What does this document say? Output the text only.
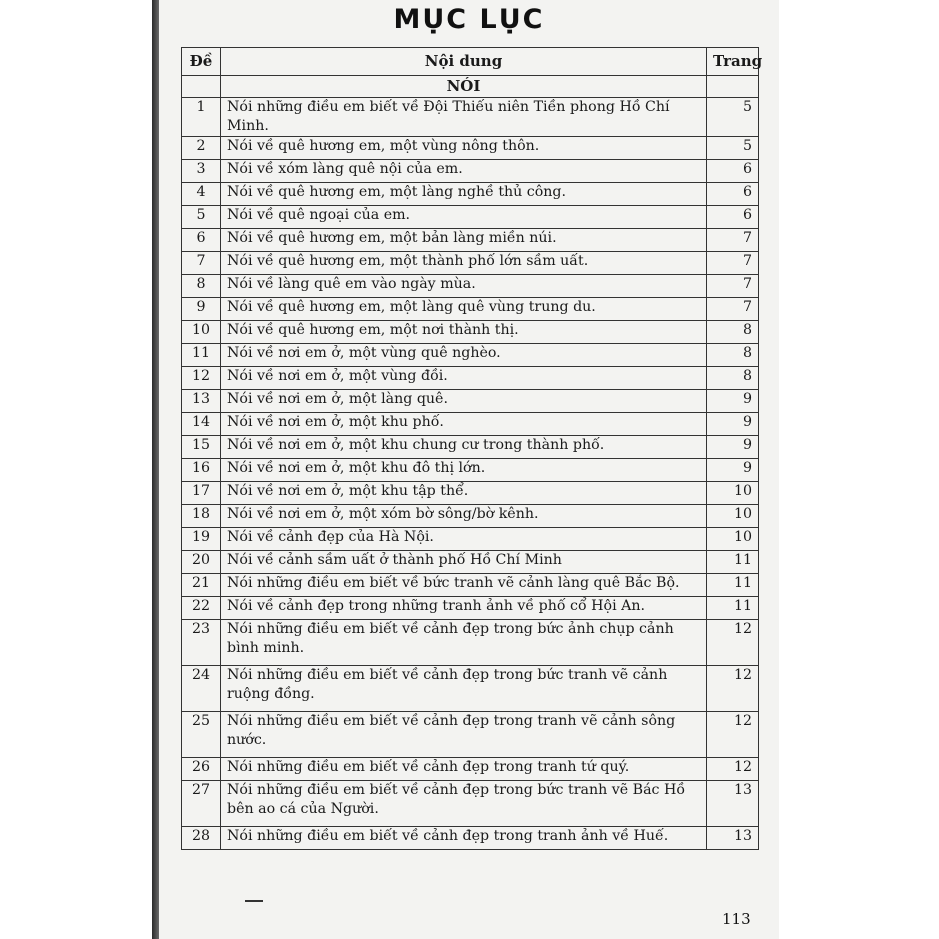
MỤC LỤC
Đề	Nội dung	Trang
	NÓI	
1	Nói những điều em biết về Đội Thiếu niên Tiền phong Hồ Chí Minh.	5
2	Nói về quê hương em, một vùng nông thôn.	5
3	Nói về xóm làng quê nội của em.	6
4	Nói về quê hương em, một làng nghề thủ công.	6
5	Nói về quê ngoại của em.	6
6	Nói về quê hương em, một bản làng miền núi.	7
7	Nói về quê hương em, một thành phố lớn sầm uất.	7
8	Nói về làng quê em vào ngày mùa.	7
9	Nói về quê hương em, một làng quê vùng trung du.	7
10	Nói về quê hương em, một nơi thành thị.	8
11	Nói về nơi em ở, một vùng quê nghèo.	8
12	Nói về nơi em ở, một vùng đồi.	8
13	Nói về nơi em ở, một làng quê.	9
14	Nói về nơi em ở, một khu phố.	9
15	Nói về nơi em ở, một khu chung cư trong thành phố.	9
16	Nói về nơi em ở, một khu đô thị lớn.	9
17	Nói về nơi em ở, một khu tập thể.	10
18	Nói về nơi em ở, một xóm bờ sông/bờ kênh.	10
19	Nói về cảnh đẹp của Hà Nội.	10
20	Nói về cảnh sầm uất ở thành phố Hồ Chí Minh	11
21	Nói những điều em biết về bức tranh vẽ cảnh làng quê Bắc Bộ.	11
22	Nói về cảnh đẹp trong những tranh ảnh về phố cổ Hội An.	11
23	Nói những điều em biết về cảnh đẹp trong bức ảnh chụp cảnh bình minh.	12
24	Nói những điều em biết về cảnh đẹp trong bức tranh vẽ cảnh ruộng đồng.	12
25	Nói những điều em biết về cảnh đẹp trong tranh vẽ cảnh sông nước.	12
26	Nói những điều em biết về cảnh đẹp trong tranh tứ quý.	12
27	Nói những điều em biết về cảnh đẹp trong bức tranh vẽ Bác Hồ bên ao cá của Người.	13
28	Nói những điều em biết về cảnh đẹp trong tranh ảnh về Huế.	13
113
